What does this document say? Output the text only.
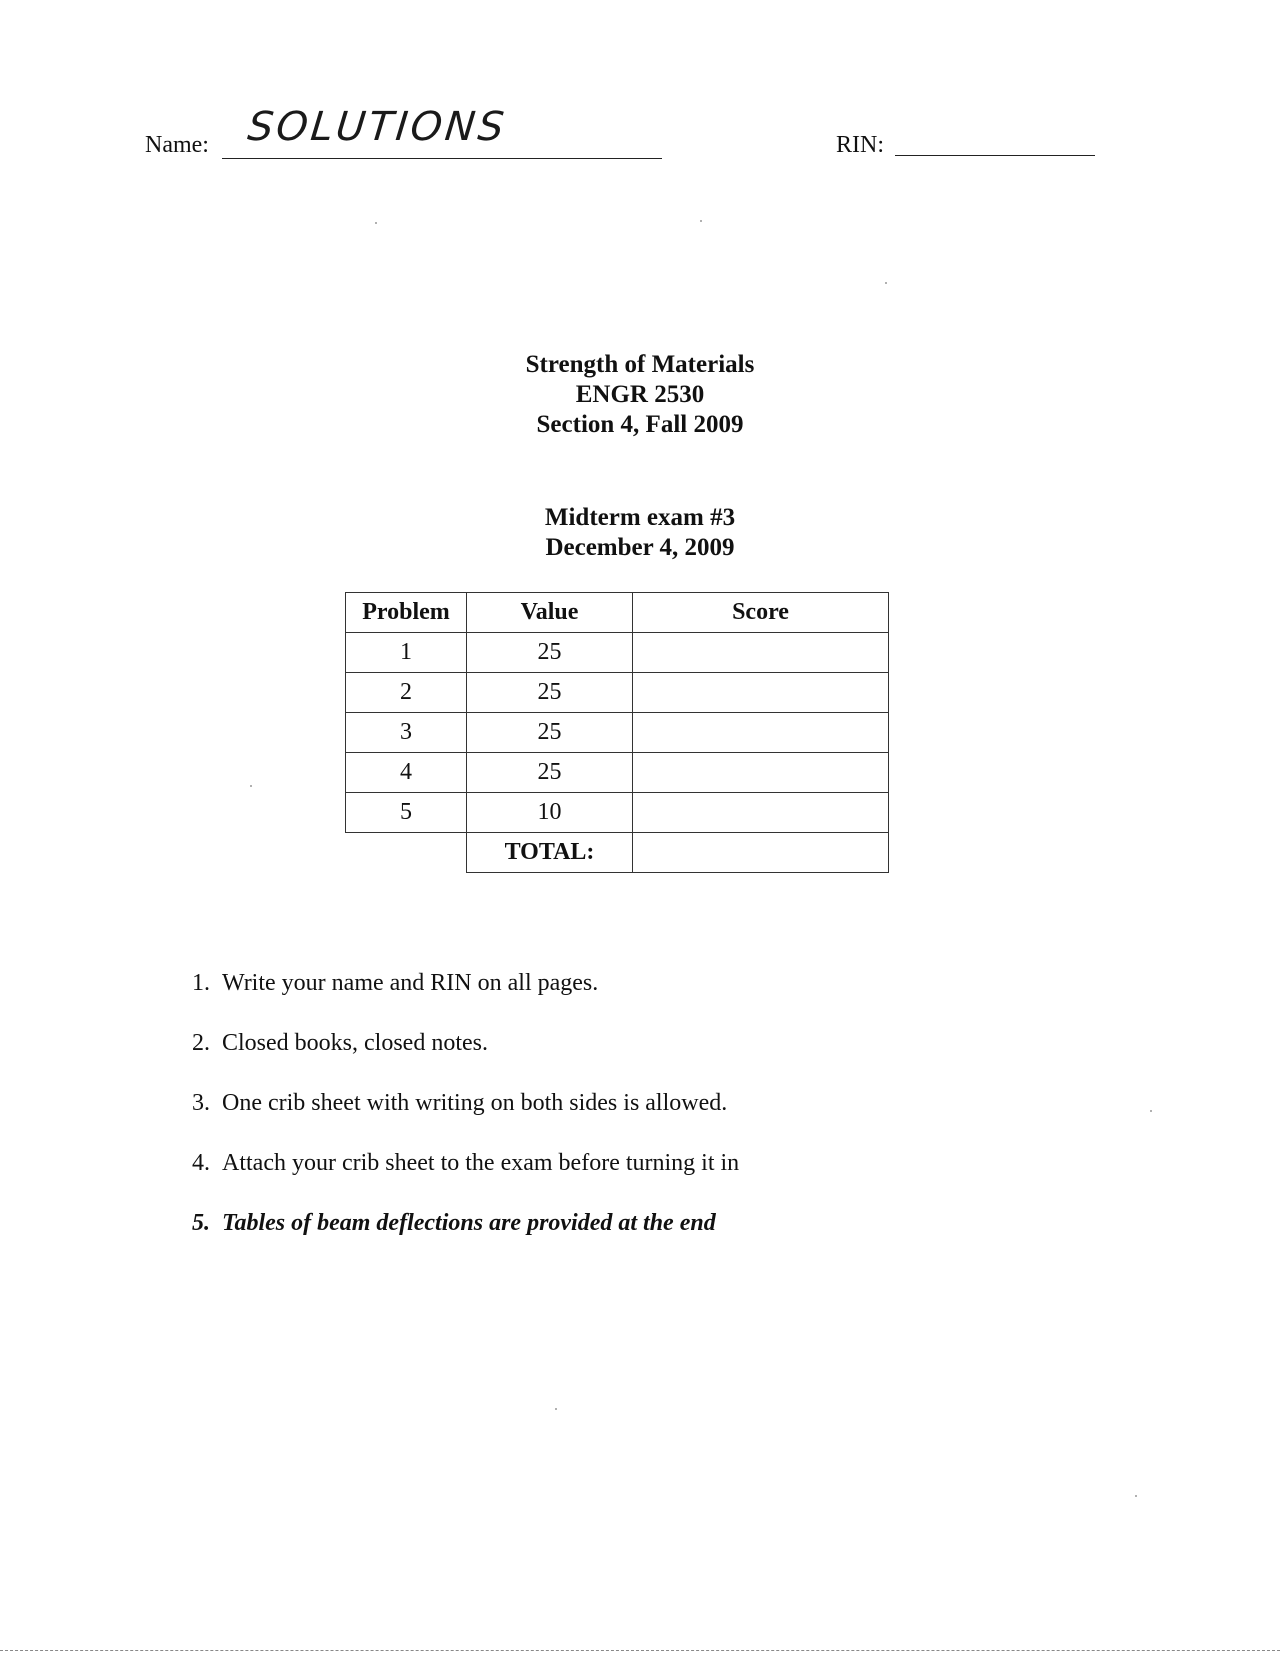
Name: SOLUTIONS	RIN:
Strength of Materials
ENGR 2530
Section 4, Fall 2009
Midterm exam #3
December 4, 2009
Problem	Value	Score
1	25	
2	25	
3	25	
4	25	
5	10	
	TOTAL:	
1. Write your name and RIN on all pages.
2. Closed books, closed notes.
3. One crib sheet with writing on both sides is allowed.
4. Attach your crib sheet to the exam before turning it in
5. Tables of beam deflections are provided at the end
